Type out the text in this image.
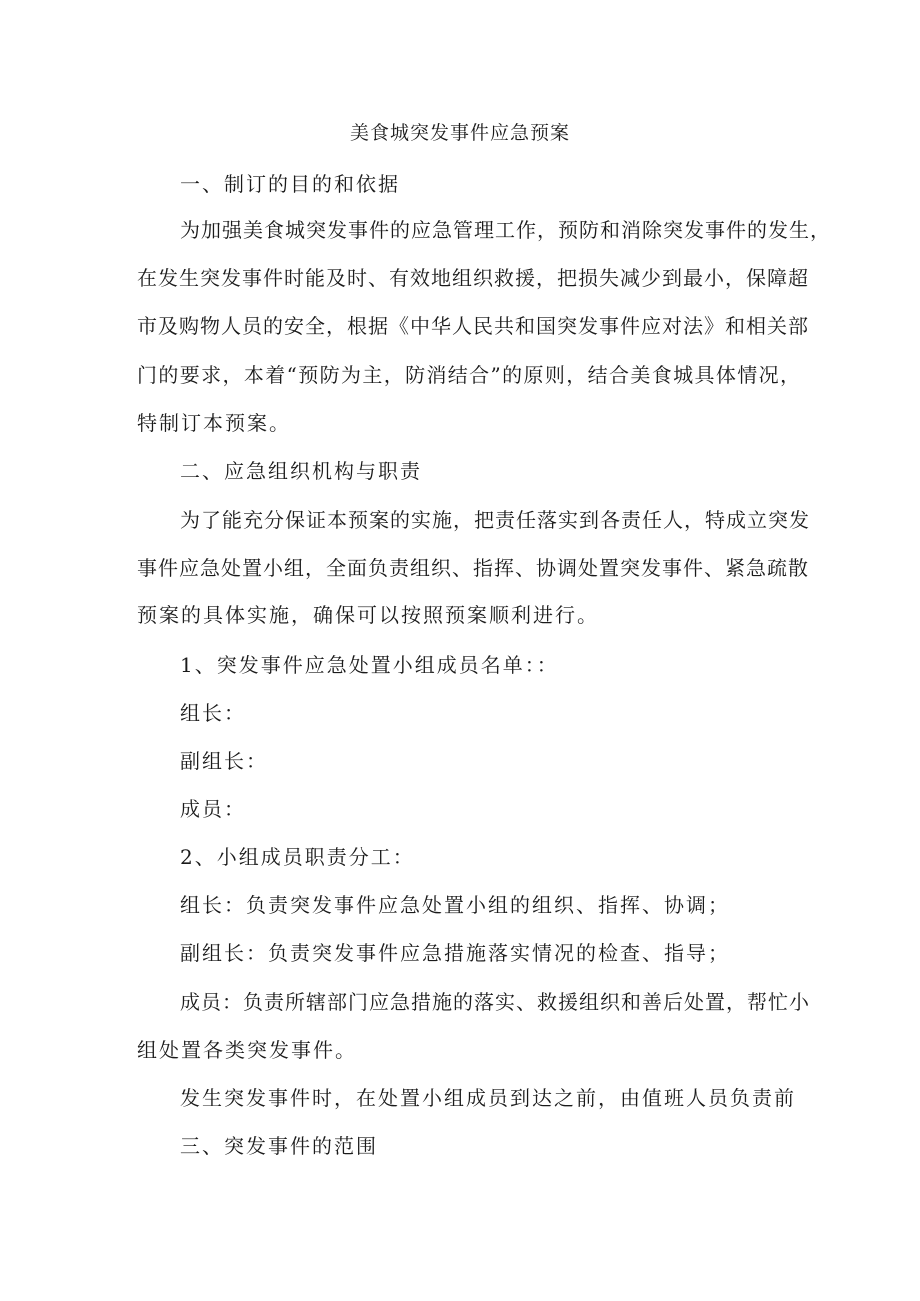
美食城突发事件应急预案
一、制订的目的和依据
为加强美食城突发事件的应急管理工作，预防和消除突发事件的发生，
在发生突发事件时能及时、有效地组织救援，把损失减少到最小，保障超
市及购物人员的安全，根据《中华人民共和国突发事件应对法》和相关部
门的要求，本着“预防为主，防消结合”的原则，结合美食城具体情况，
特制订本预案。
二、应急组织机构与职责
为了能充分保证本预案的实施，把责任落实到各责任人，特成立突发
事件应急处置小组，全面负责组织、指挥、协调处置突发事件、紧急疏散
预案的具体实施，确保可以按照预案顺利进行。
1、突发事件应急处置小组成员名单：：
组长：
副组长：
成员：
2、小组成员职责分工：
组长：负责突发事件应急处置小组的组织、指挥、协调；
副组长：负责突发事件应急措施落实情况的检查、指导；
成员：负责所辖部门应急措施的落实、救援组织和善后处置，帮忙小
组处置各类突发事件。
发生突发事件时，在处置小组成员到达之前，由值班人员负责前
三、突发事件的范围
